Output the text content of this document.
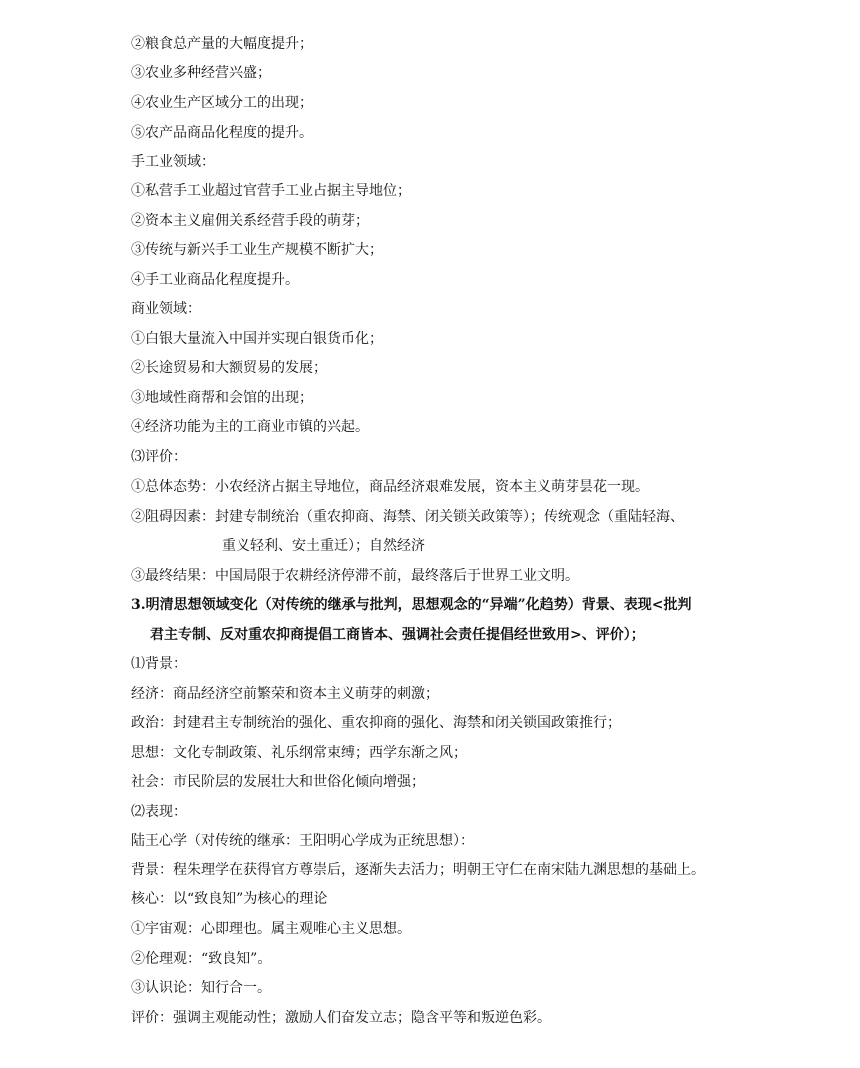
②粮食总产量的大幅度提升；
③农业多种经营兴盛；
④农业生产区域分工的出现；
⑤农产品商品化程度的提升。
手工业领域：
①私营手工业超过官营手工业占据主导地位；
②资本主义雇佣关系经营手段的萌芽；
③传统与新兴手工业生产规模不断扩大；
④手工业商品化程度提升。
商业领域：
①白银大量流入中国并实现白银货币化；
②长途贸易和大额贸易的发展；
③地域性商帮和会馆的出现；
④经济功能为主的工商业市镇的兴起。
⑶评价：
①总体态势：小农经济占据主导地位，商品经济艰难发展，资本主义萌芽昙花一现。
②阻碍因素：封建专制统治（重农抑商、海禁、闭关锁关政策等）；传统观念（重陆轻海、
重义轻利、安土重迁）；自然经济
③最终结果：中国局限于农耕经济停滞不前，最终落后于世界工业文明。
3.明清思想领域变化（对传统的继承与批判，思想观念的“异端”化趋势）背景、表现<批判
君主专制、反对重农抑商提倡工商皆本、强调社会责任提倡经世致用>、评价）；
⑴背景：
经济：商品经济空前繁荣和资本主义萌芽的刺激；
政治：封建君主专制统治的强化、重农抑商的强化、海禁和闭关锁国政策推行；
思想：文化专制政策、礼乐纲常束缚；西学东渐之风；
社会：市民阶层的发展壮大和世俗化倾向增强；
⑵表现：
陆王心学（对传统的继承：王阳明心学成为正统思想）：
背景：程朱理学在获得官方尊崇后，逐渐失去活力；明朝王守仁在南宋陆九渊思想的基础上。
核心：以“致良知”为核心的理论
①宇宙观：心即理也。属主观唯心主义思想。
②伦理观：“致良知”。
③认识论：知行合一。
评价：强调主观能动性；激励人们奋发立志；隐含平等和叛逆色彩。
